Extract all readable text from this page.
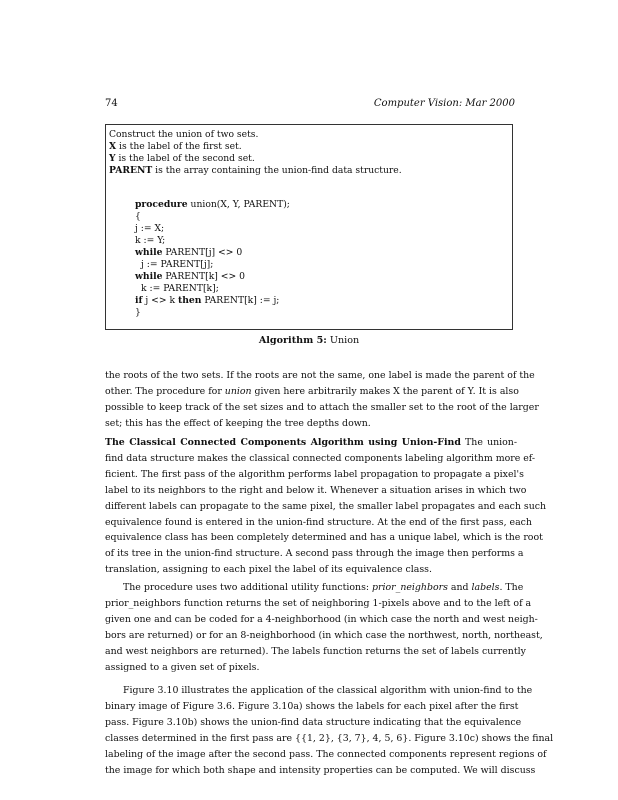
74	Computer Vision: Mar 2000
Construct the union of two sets.
X is the label of the first set.
Y is the label of the second set.
PARENT is the array containing the union-find data structure.
procedure union(X, Y, PARENT);
{
j := X;
k := Y;
while PARENT[j] <> 0
j := PARENT[j];
while PARENT[k] <> 0
k := PARENT[k];
if j <> k then PARENT[k] := j;
}
Algorithm 5: Union
the roots of the two sets. If the roots are not the same, one label is made the parent of the
other. The procedure for union given here arbitrarily makes X the parent of Y. It is also
possible to keep track of the set sizes and to attach the smaller set to the root of the larger
set; this has the effect of keeping the tree depths down.
The Classical Connected Components Algorithm using Union-Find The union-
find data structure makes the classical connected components labeling algorithm more ef-
ficient. The first pass of the algorithm performs label propagation to propagate a pixel's
label to its neighbors to the right and below it. Whenever a situation arises in which two
different labels can propagate to the same pixel, the smaller label propagates and each such
equivalence found is entered in the union-find structure. At the end of the first pass, each
equivalence class has been completely determined and has a unique label, which is the root
of its tree in the union-find structure. A second pass through the image then performs a
translation, assigning to each pixel the label of its equivalence class.
The procedure uses two additional utility functions: prior_neighbors and labels. The
prior_neighbors function returns the set of neighboring 1-pixels above and to the left of a
given one and can be coded for a 4-neighborhood (in which case the north and west neigh-
bors are returned) or for an 8-neighborhood (in which case the northwest, north, northeast,
and west neighbors are returned). The labels function returns the set of labels currently
assigned to a given set of pixels.
Figure 3.10 illustrates the application of the classical algorithm with union-find to the
binary image of Figure 3.6. Figure 3.10a) shows the labels for each pixel after the first
pass. Figure 3.10b) shows the union-find data structure indicating that the equivalence
classes determined in the first pass are {{1, 2}, {3, 7}, 4, 5, 6}. Figure 3.10c) shows the final
labeling of the image after the second pass. The connected components represent regions of
the image for which both shape and intensity properties can be computed. We will discuss
